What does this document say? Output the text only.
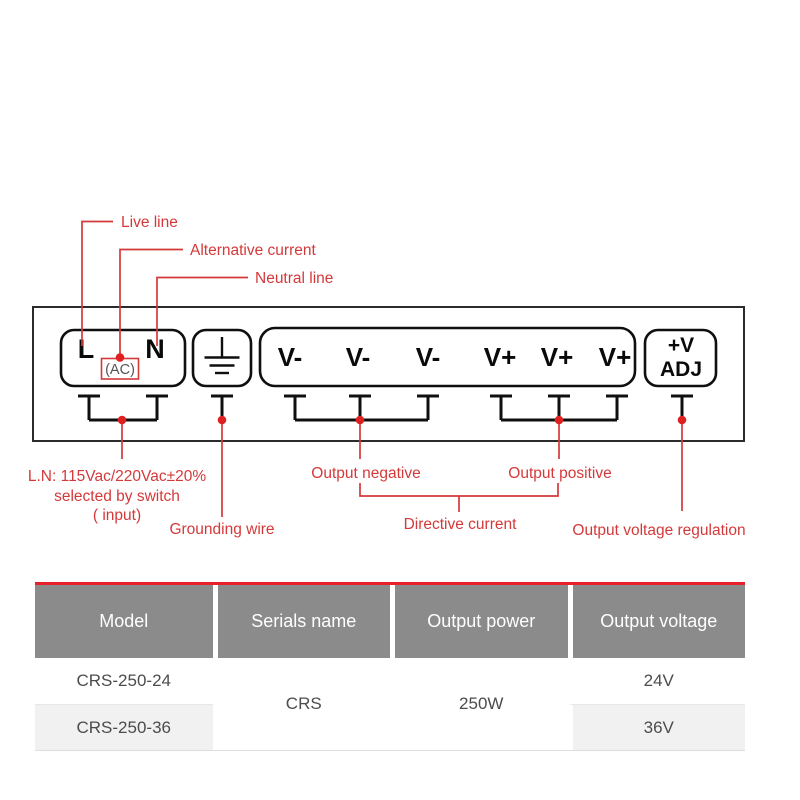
L N
(AC)	V- V- V- V+ V+ V+ +V
ADJ
Live line
Alternative current
Neutral line
L.N: 115Vac/220Vac±20%
selected by switch
( input)
Grounding wire
Output negative	Output positive
Directive current	Output voltage regulation
Model	Serials name	Output power	Output voltage
CRS-250-24	CRS	250W	24V
CRS-250-36			36V
